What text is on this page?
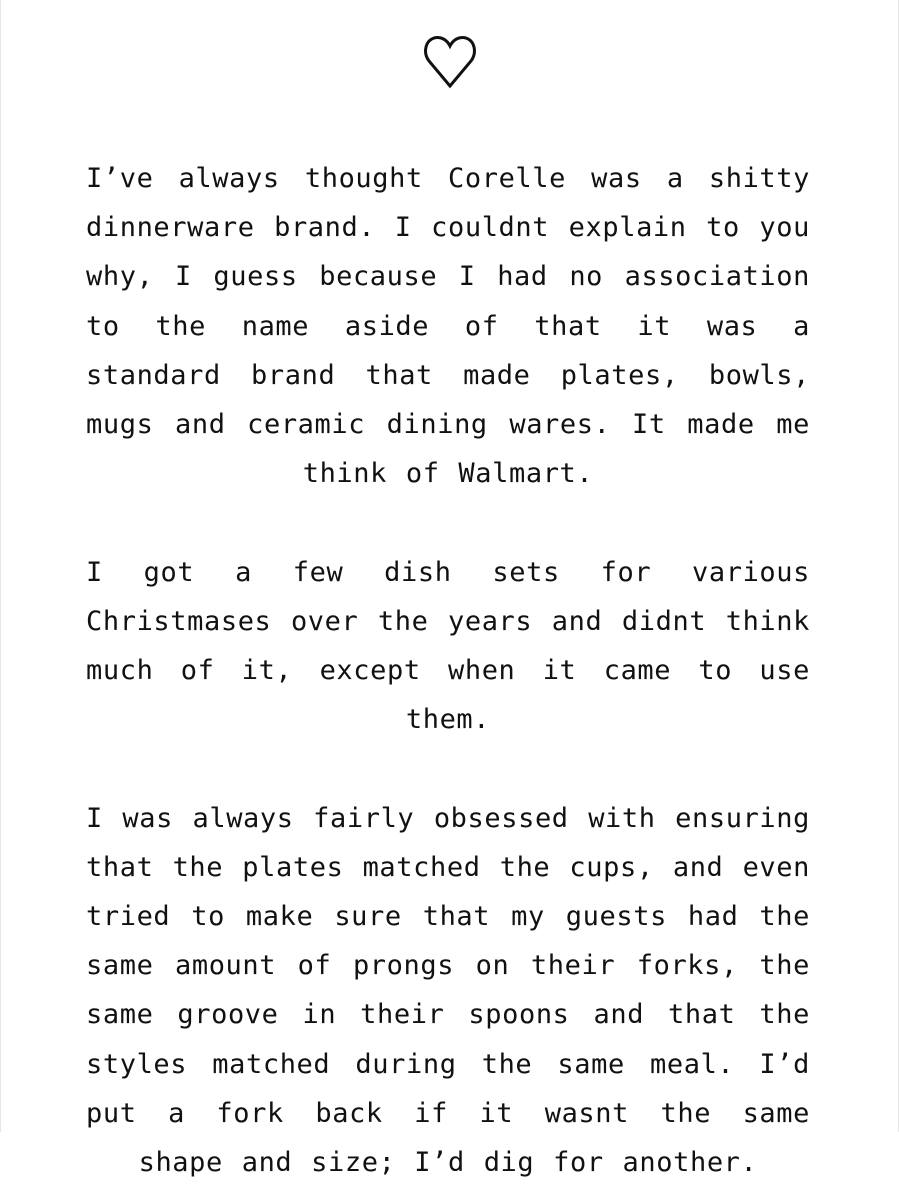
I’ve always thought Corelle was a shitty dinnerware brand. I couldnt explain to you why, I guess because I had no association to the name aside of that it was a standard brand that made plates, bowls, mugs and ceramic dining wares. It made me think of Walmart.

I got a few dish sets for various Christmases over the years and didnt think much of it, except when it came to use them.

I was always fairly obsessed with ensuring that the plates matched the cups, and even tried to make sure that my guests had the same amount of prongs on their forks, the same groove in their spoons and that the styles matched during the same meal. I’d put a fork back if it wasnt the same shape and size; I’d dig for another.
